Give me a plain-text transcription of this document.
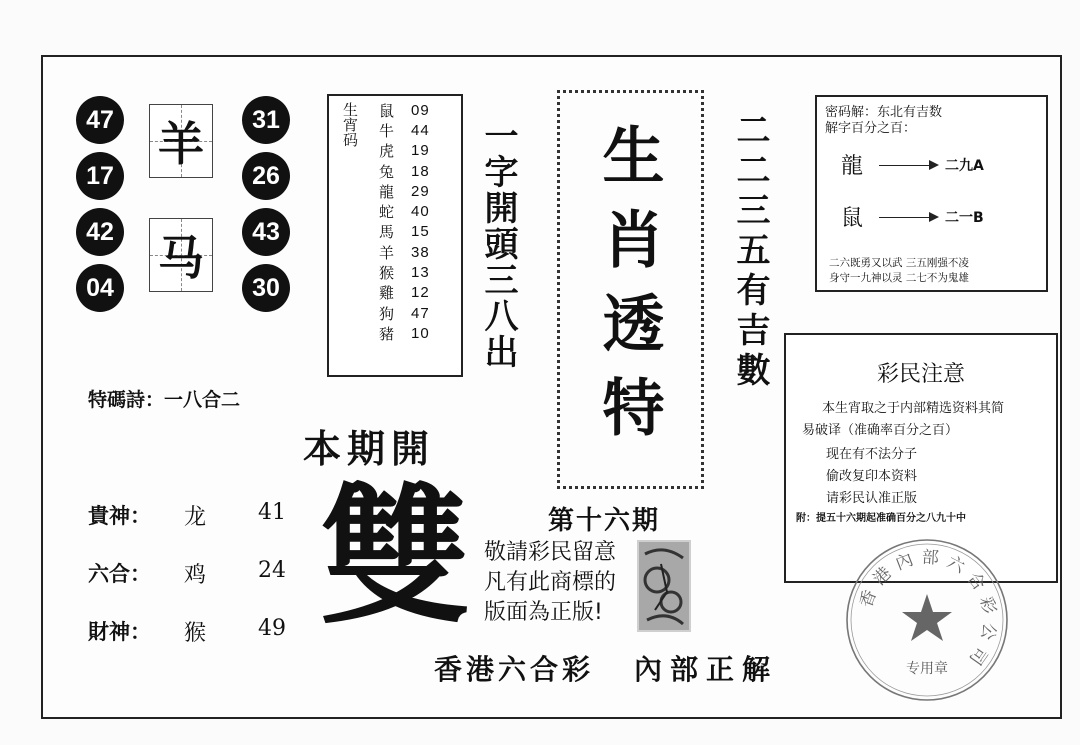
47
17
42
04
31
26
43
30
羊
马
生宵码 鼠	09
牛	44
虎	19
兔	18
龍	29
蛇	40
馬	15
羊	38
猴	13
雞	12
狗	47
豬	10 一字開頭三八出 生肖透特	二二三五有吉數	密码解：东北有吉数
解字百分之百：
龍	二九A
鼠	二一B
二六既勇又以武 三五刚强不凌
身守一九神以灵 二七不为鬼雄
彩民注意
本生宵取之于内部精选资料其简
易破译（准确率百分之百）
现在有不法分子
偷改复印本资料
请彩民认准正版
附：提五十六期起准确百分之八九十中
特碼詩：一八合二
本期開
雙
貴神： 龙 41
六合： 鸡 24
財神： 猴 49
第十六期
敬請彩民留意
凡有此商標的
版面為正版!
香港六合彩 內部正解
香
港
內 部 六
合
彩
公
司
专用章
